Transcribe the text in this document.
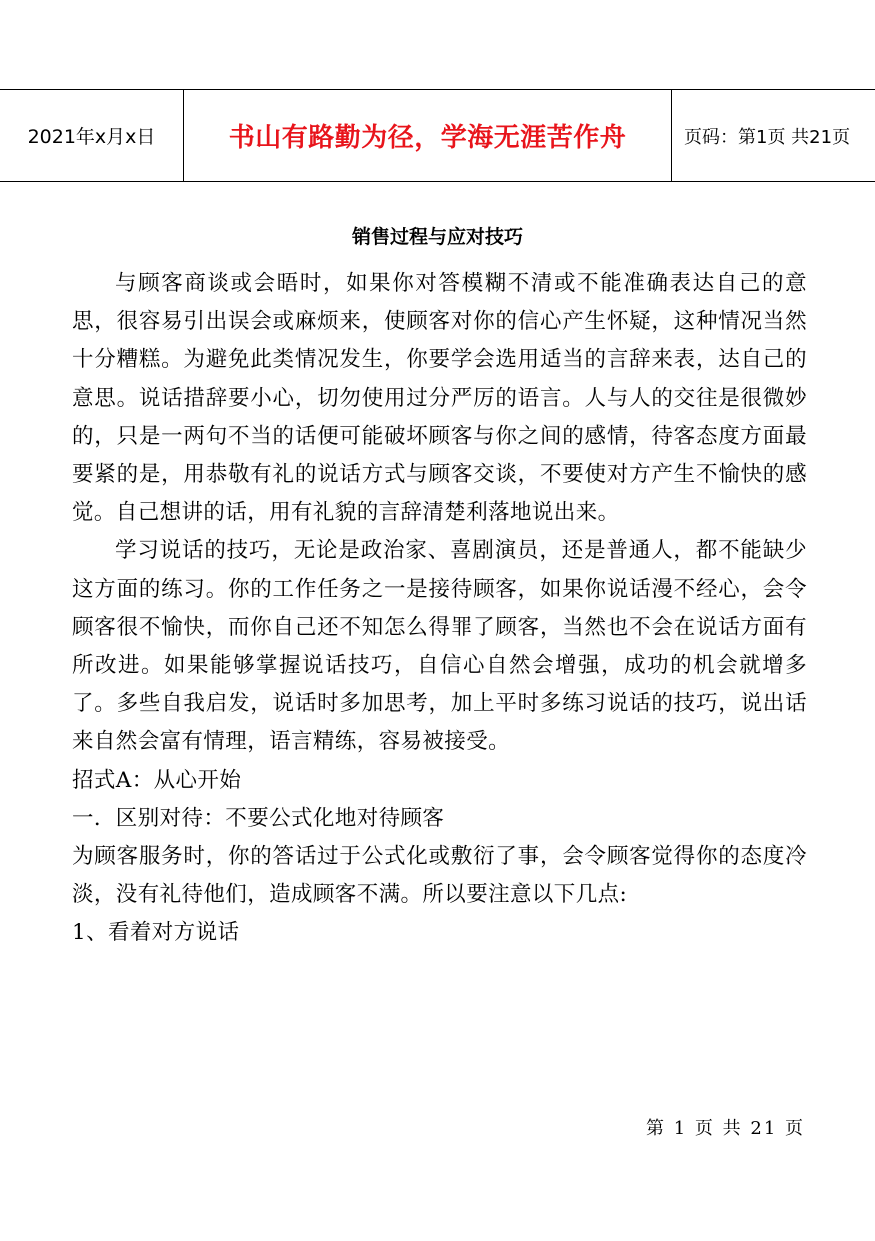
2021年x月x日	书山有路勤为径，学海无涯苦作舟	页码：第1页 共21页
销售过程与应对技巧

与顾客商谈或会晤时，如果你对答模糊不清或不能准确表达自己的意思，很容易引出误会或麻烦来，使顾客对你的信心产生怀疑，这种情况当然十分糟糕。为避免此类情况发生，你要学会选用适当的言辞来表，达自己的意思。说话措辞要小心，切勿使用过分严厉的语言。人与人的交往是很微妙的，只是一两句不当的话便可能破坏顾客与你之间的感情，待客态度方面最要紧的是，用恭敬有礼的说话方式与顾客交谈，不要使对方产生不愉快的感觉。自己想讲的话，用有礼貌的言辞清楚利落地说出来。

学习说话的技巧，无论是政治家、喜剧演员，还是普通人，都不能缺少这方面的练习。你的工作任务之一是接待顾客，如果你说话漫不经心，会令顾客很不愉快，而你自己还不知怎么得罪了顾客，当然也不会在说话方面有所改进。如果能够掌握说话技巧，自信心自然会增强，成功的机会就增多了。多些自我启发，说话时多加思考，加上平时多练习说话的技巧，说出话来自然会富有情理，语言精练，容易被接受。

招式A：从心开始

一．区别对待：不要公式化地对待顾客

为顾客服务时，你的答话过于公式化或敷衍了事，会令顾客觉得你的态度冷淡，没有礼待他们，造成顾客不满。所以要注意以下几点:

1、看着对方说话

第 1 页 共 21 页
